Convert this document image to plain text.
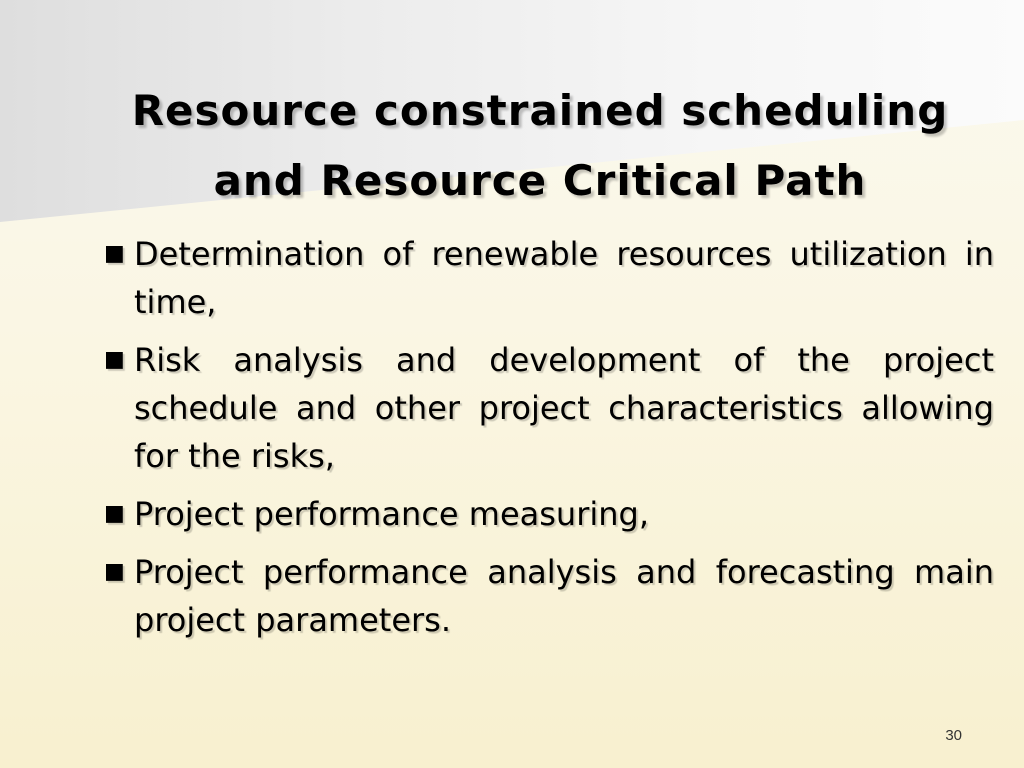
Resource constrained scheduling
and Resource Critical Path
■ Determination of renewable resources utilization in time,
■ Risk analysis and development of the project schedule and other project characteristics allowing for the risks,
■ Project performance measuring,
■ Project performance analysis and forecasting main project parameters.
30
